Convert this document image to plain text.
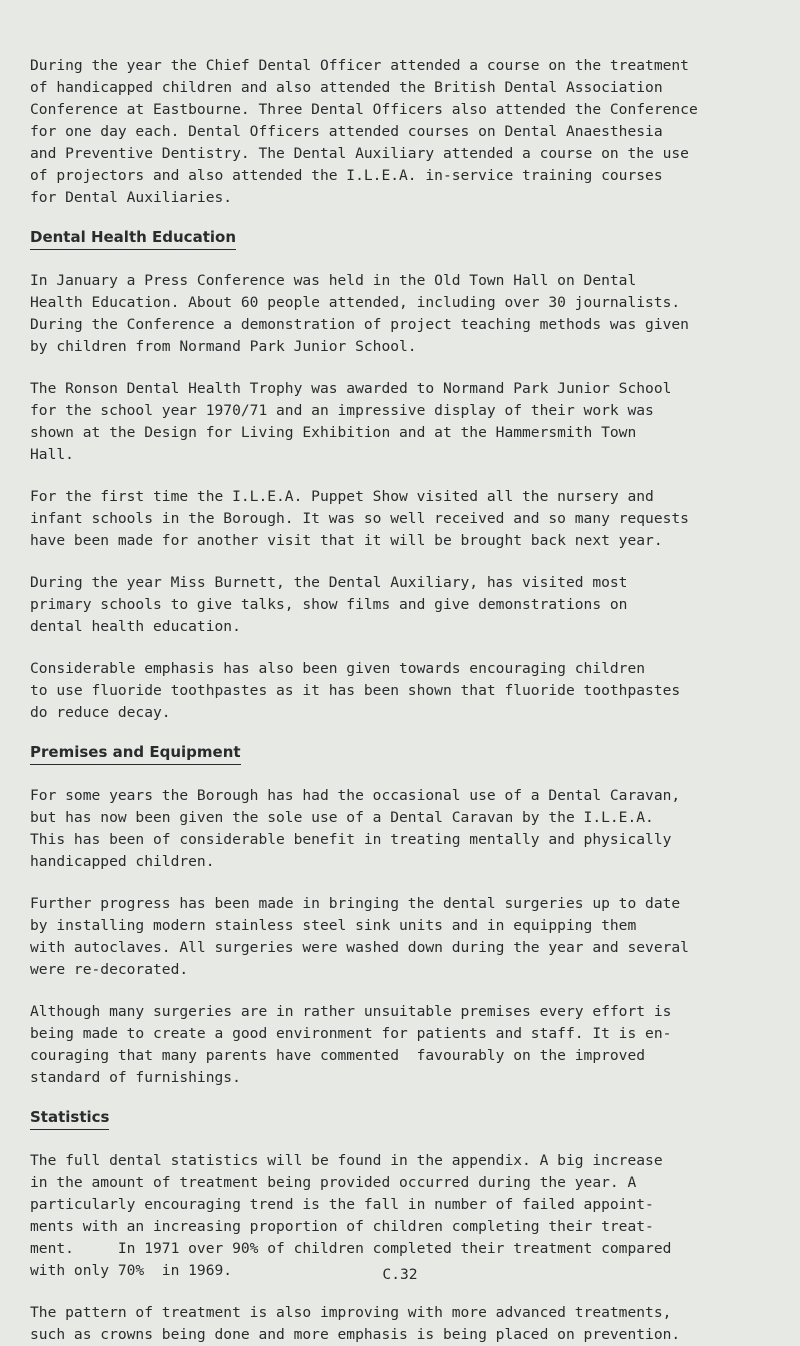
During the year the Chief Dental Officer attended a course on the treatment
of handicapped children and also attended the British Dental Association
Conference at Eastbourne. Three Dental Officers also attended the Conference
for one day each. Dental Officers attended courses on Dental Anaesthesia
and Preventive Dentistry. The Dental Auxiliary attended a course on the use
of projectors and also attended the I.L.E.A. in-service training courses
for Dental Auxiliaries.

Dental Health Education

In January a Press Conference was held in the Old Town Hall on Dental
Health Education. About 60 people attended, including over 30 journalists.
During the Conference a demonstration of project teaching methods was given
by children from Normand Park Junior School.

The Ronson Dental Health Trophy was awarded to Normand Park Junior School
for the school year 1970/71 and an impressive display of their work was
shown at the Design for Living Exhibition and at the Hammersmith Town
Hall.

For the first time the I.L.E.A. Puppet Show visited all the nursery and
infant schools in the Borough. It was so well received and so many requests
have been made for another visit that it will be brought back next year.

During the year Miss Burnett, the Dental Auxiliary, has visited most
primary schools to give talks, show films and give demonstrations on
dental health education.

Considerable emphasis has also been given towards encouraging children
to use fluoride toothpastes as it has been shown that fluoride toothpastes
do reduce decay.

Premises and Equipment

For some years the Borough has had the occasional use of a Dental Caravan,
but has now been given the sole use of a Dental Caravan by the I.L.E.A.
This has been of considerable benefit in treating mentally and physically
handicapped children.

Further progress has been made in bringing the dental surgeries up to date
by installing modern stainless steel sink units and in equipping them
with autoclaves. All surgeries were washed down during the year and several
were re-decorated.

Although many surgeries are in rather unsuitable premises every effort is
being made to create a good environment for patients and staff. It is en-
couraging that many parents have commented  favourably on the improved
standard of furnishings.

Statistics

The full dental statistics will be found in the appendix. A big increase
in the amount of treatment being provided occurred during the year. A
particularly encouraging trend is the fall in number of failed appoint-
ments with an increasing proportion of children completing their treat-
ment.     In 1971 over 90% of children completed their treatment compared
with only 70%  in 1969.

The pattern of treatment is also improving with more advanced treatments,
such as crowns being done and more emphasis is being placed on prevention.

C.32
